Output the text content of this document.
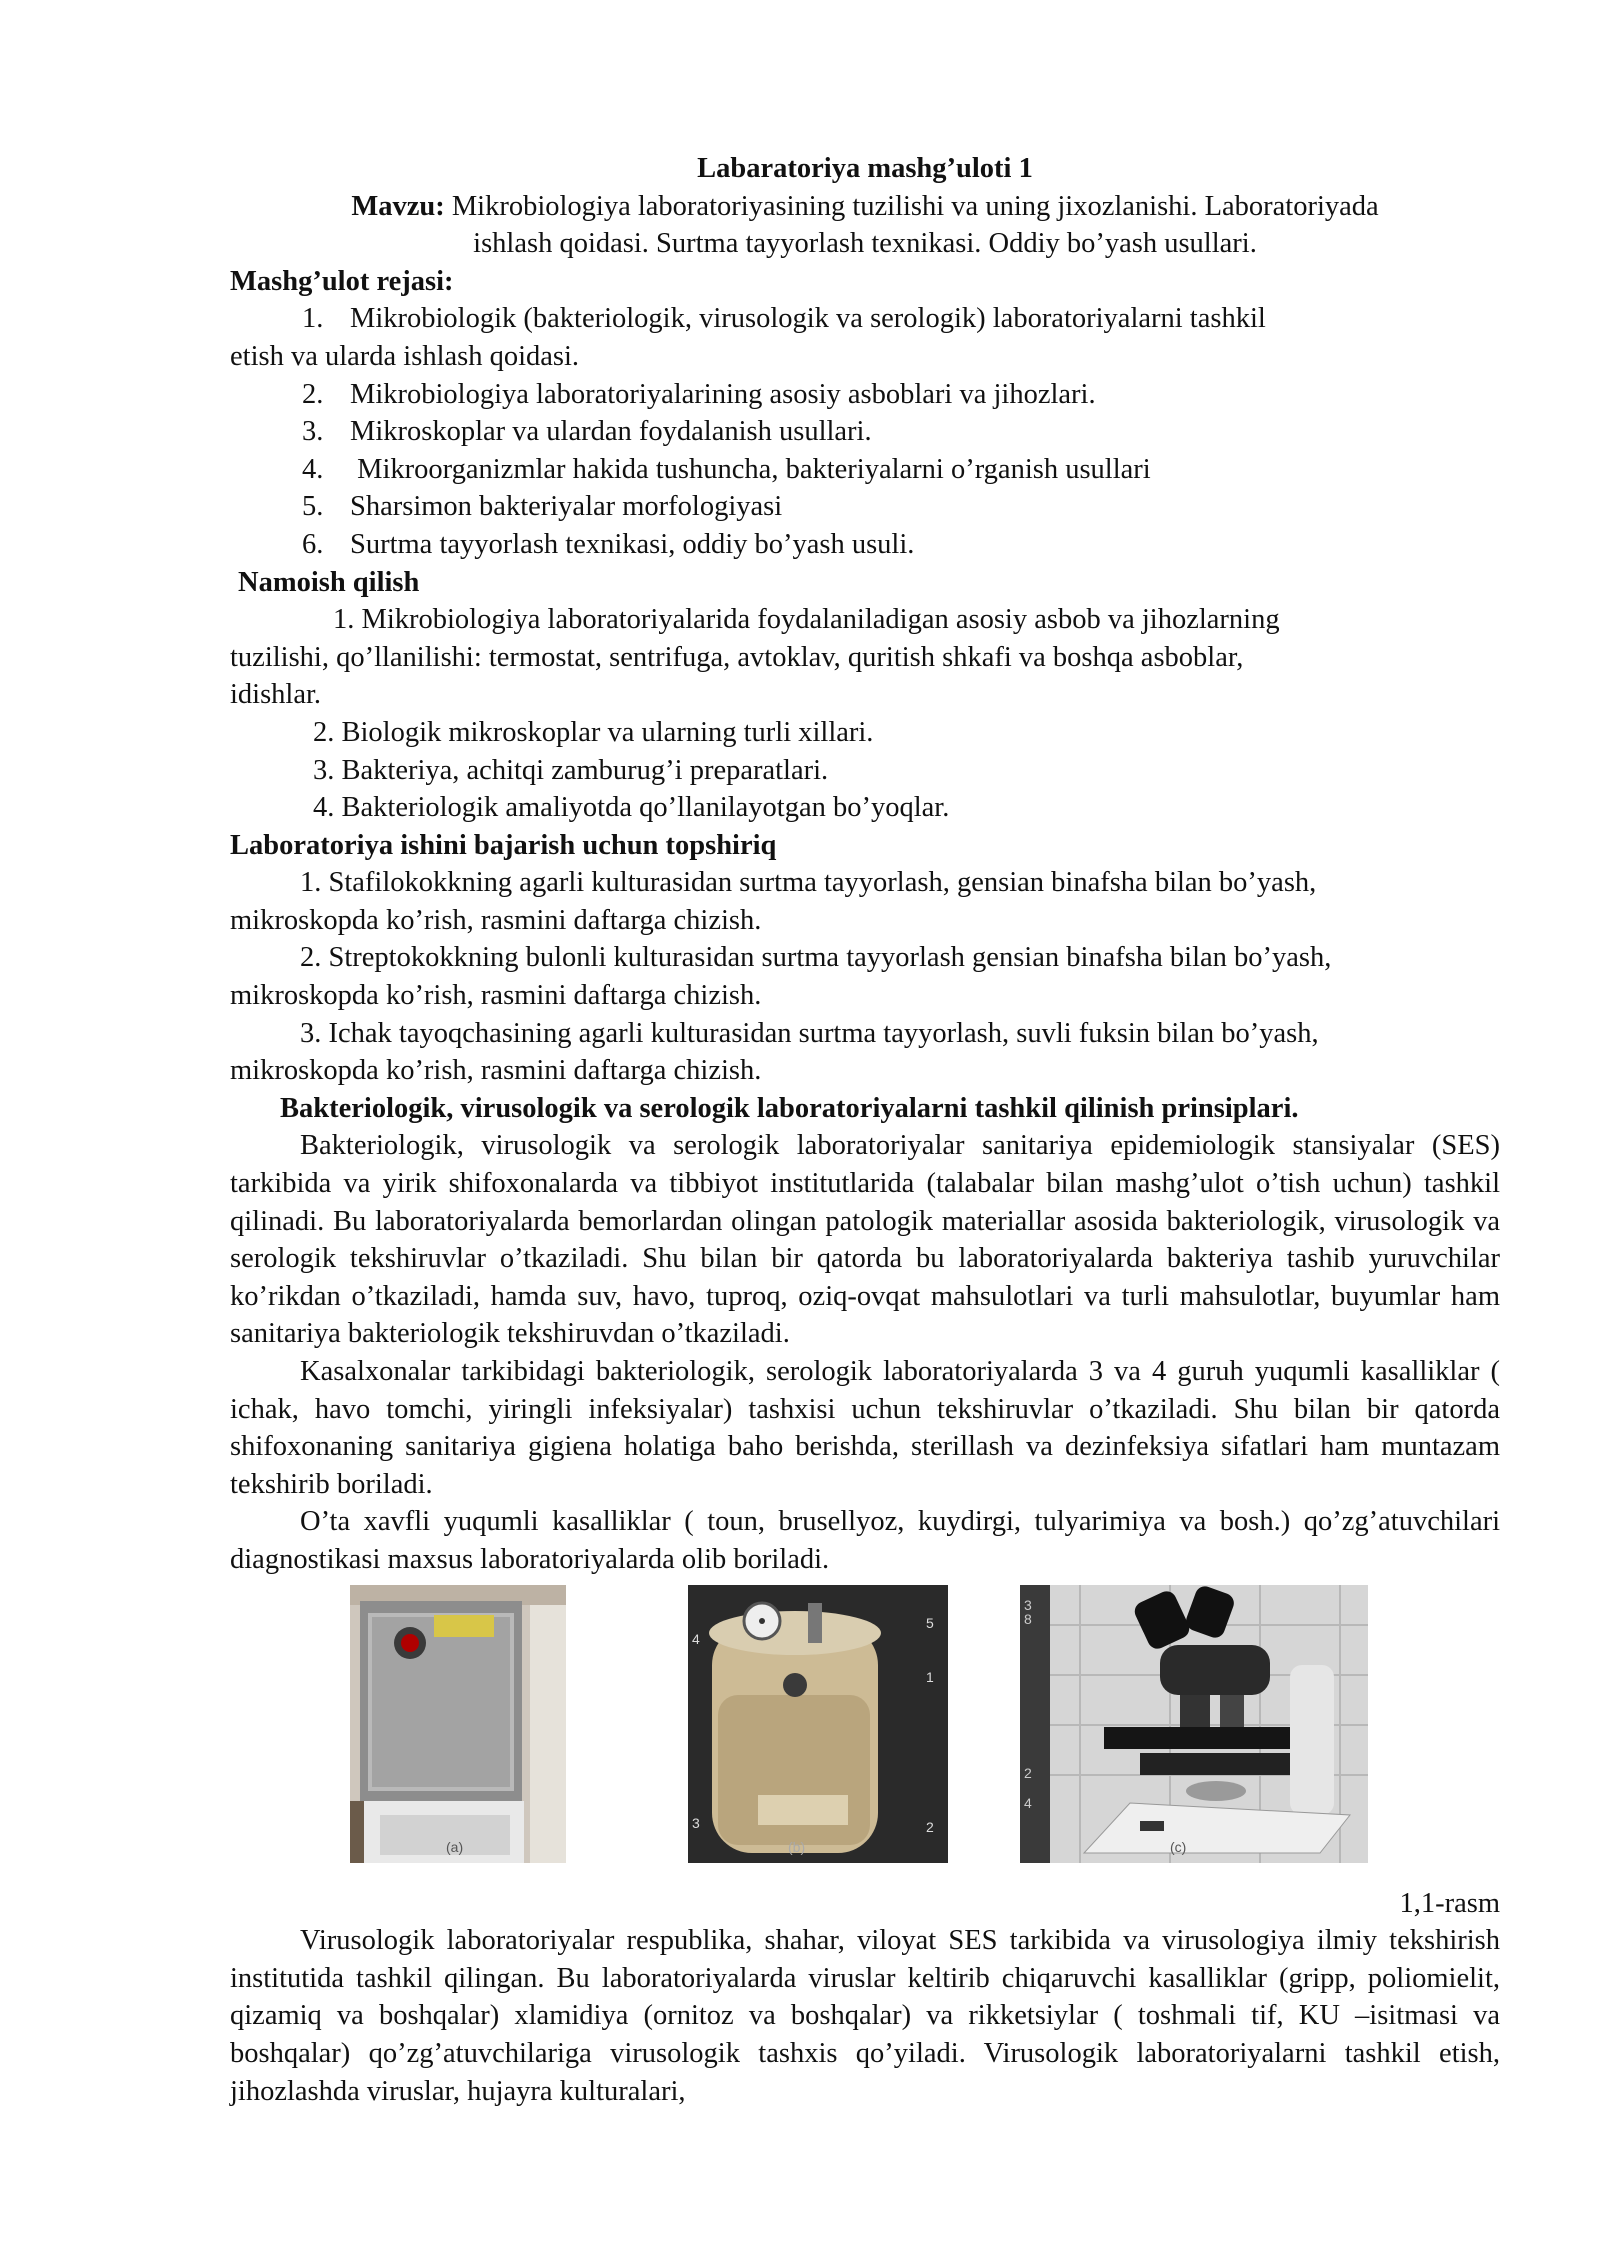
Labaratoriya mashg’uloti 1

Mavzu: Mikrobiologiya laboratoriyasining tuzilishi va uning jixozlanishi. Laboratoriyada

ishlash qoidasi. Surtma tayyorlash texnikasi. Oddiy bo’yash usullari.

Mashg’ulot rejasi:

1. Mikrobiologik (bakteriologik, virusologik va serologik) laboratoriyalarni tashkil

etish va ularda ishlash qoidasi.

2. Mikrobiologiya laboratoriyalarining asosiy asboblari va jihozlari.

3. Mikroskoplar va ulardan foydalanish usullari.

4. Mikroorganizmlar hakida tushuncha, bakteriyalarni o’rganish usullari

5. Sharsimon bakteriyalar morfologiyasi

6. Surtma tayyorlash texnikasi, oddiy bo’yash usuli.

Namoish qilish

1. Mikrobiologiya laboratoriyalarida foydalaniladigan asosiy asbob va jihozlarning

tuzilishi, qo’llanilishi: termostat, sentrifuga, avtoklav, quritish shkafi va boshqa asboblar,

idishlar.

2. Biologik mikroskoplar va ularning turli xillari.

3. Bakteriya, achitqi zamburug’i preparatlari.

4. Bakteriologik amaliyotda qo’llanilayotgan bo’yoqlar.

Laboratoriya ishini bajarish uchun topshiriq

1. Stafilokokkning agarli kulturasidan surtma tayyorlash, gensian binafsha bilan bo’yash,

mikroskopda ko’rish, rasmini daftarga chizish.

2. Streptokokkning bulonli kulturasidan surtma tayyorlash gensian binafsha bilan bo’yash,

mikroskopda ko’rish, rasmini daftarga chizish.

3. Ichak tayoqchasining agarli kulturasidan surtma tayyorlash, suvli fuksin bilan bo’yash,

mikroskopda ko’rish, rasmini daftarga chizish.

Bakteriologik, virusologik va serologik laboratoriyalarni tashkil qilinish prinsiplari.

Bakteriologik, virusologik va serologik laboratoriyalar sanitariya epidemiologik stansiyalar (SES) tarkibida va yirik shifoxonalarda va tibbiyot institutlarida (talabalar bilan mashg’ulot o’tish uchun) tashkil qilinadi. Bu laboratoriyalarda bemorlardan olingan patologik materiallar asosida bakteriologik, virusologik va serologik tekshiruvlar o’tkaziladi. Shu bilan bir qatorda bu laboratoriyalarda bakteriya tashib yuruvchilar ko’rikdan o’tkaziladi, hamda suv, havo, tuproq, oziq-ovqat mahsulotlari va turli mahsulotlar, buyumlar ham sanitariya bakteriologik tekshiruvdan o’tkaziladi.

Kasalxonalar tarkibidagi bakteriologik, serologik laboratoriyalarda 3 va 4 guruh yuqumli kasalliklar ( ichak, havo tomchi, yiringli infeksiyalar) tashxisi uchun tekshiruvlar o’tkaziladi. Shu bilan bir qatorda shifoxonaning sanitariya gigiena holatiga baho berishda, sterillash va dezinfeksiya sifatlari ham muntazam tekshirib boriladi.

O’ta xavfli yuqumli kasalliklar ( toun, brusellyoz, kuydirgi, tulyarimiya va bosh.) qo’zg’atuvchilari diagnostikasi maxsus laboratoriyalarda olib boriladi.

(a)
4
5
1
3	2
(b)
3
8
2
4
(c)

1,1-rasm

Virusologik laboratoriyalar respublika, shahar, viloyat SES tarkibida va virusologiya ilmiy tekshirish institutida tashkil qilingan. Bu laboratoriyalarda viruslar keltirib chiqaruvchi kasalliklar (gripp, poliomielit, qizamiq va boshqalar) xlamidiya (ornitoz va boshqalar) va rikketsiylar ( toshmali tif, KU –isitmasi va boshqalar) qo’zg’atuvchilariga virusologik tashxis qo’yiladi. Virusologik laboratoriyalarni tashkil etish, jihozlashda viruslar, hujayra kulturalari,
